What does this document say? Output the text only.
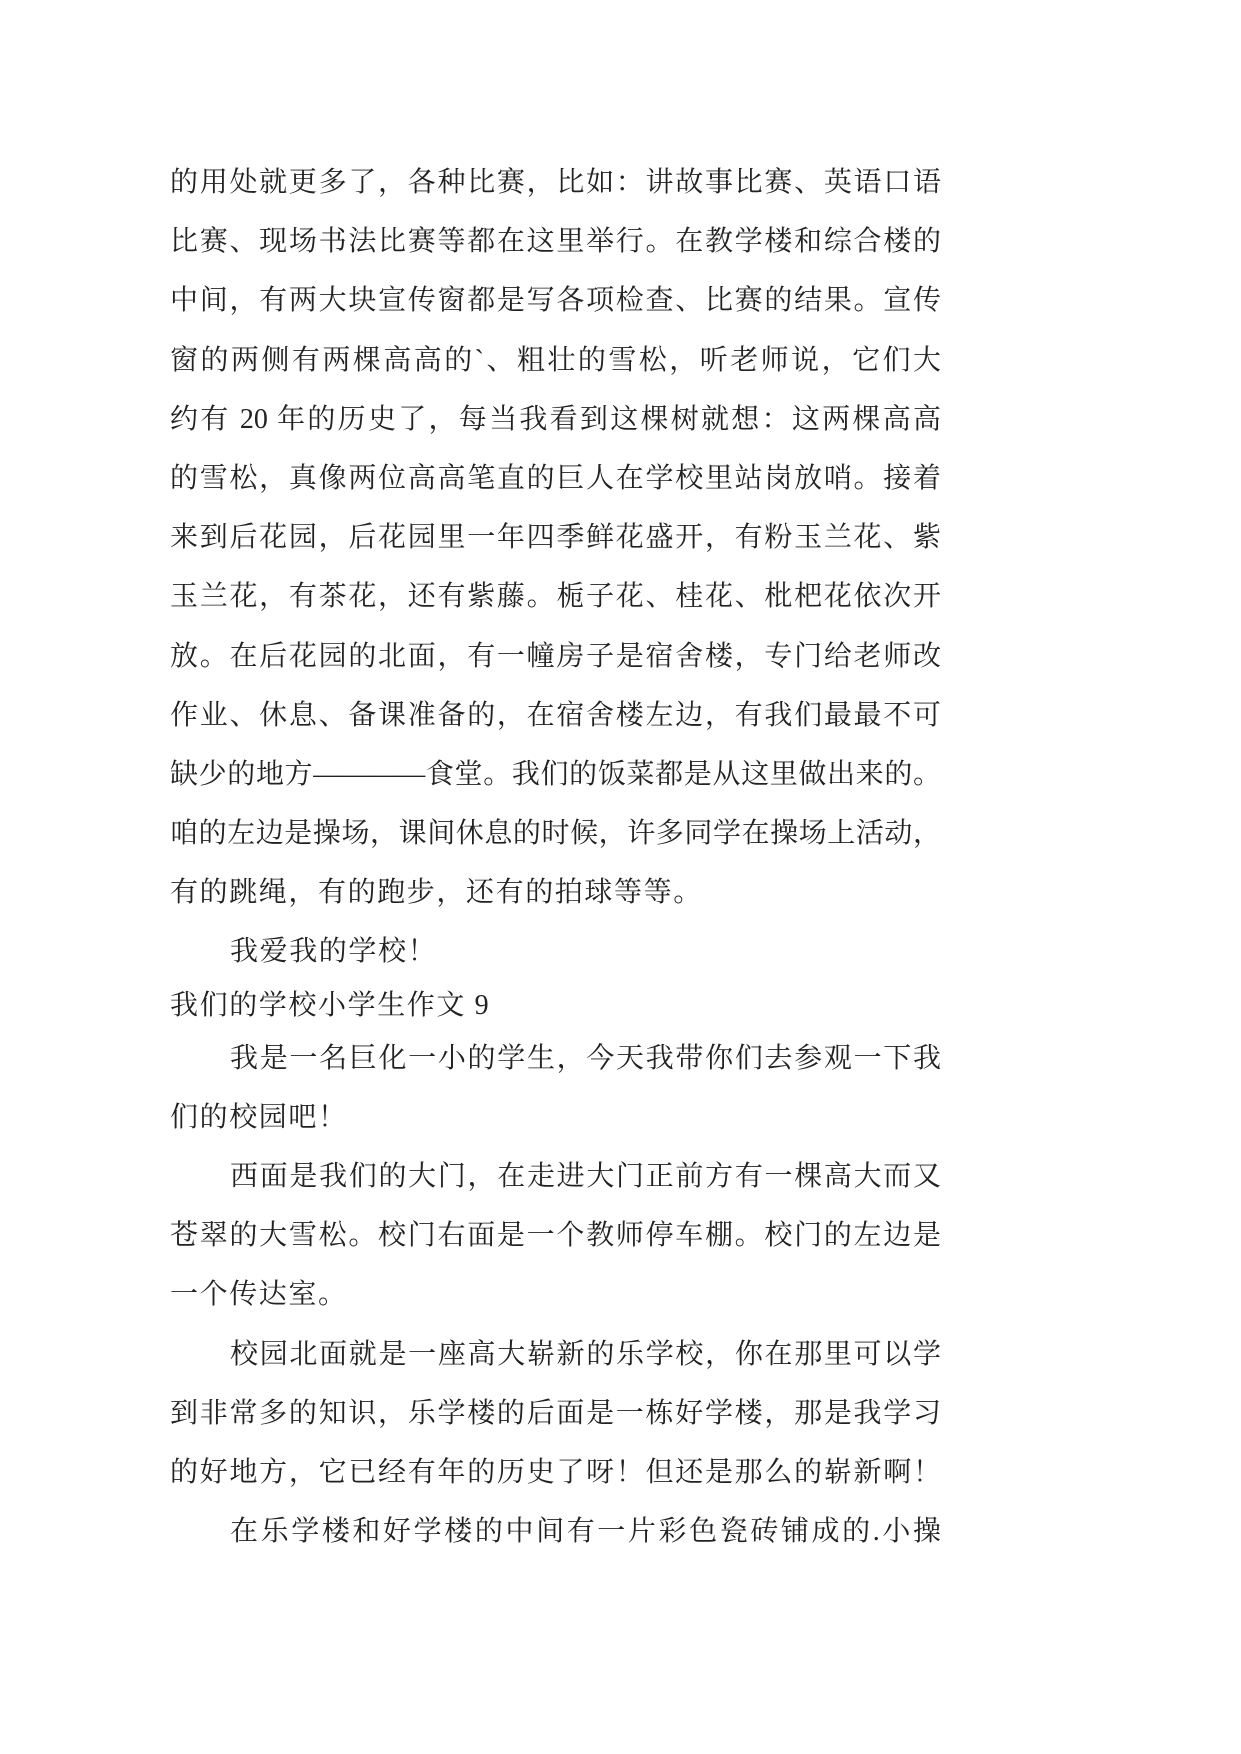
的用处就更多了，各种比赛，比如：讲故事比赛、英语口语
比赛、现场书法比赛等都在这里举行。在教学楼和综合楼的
中间，有两大块宣传窗都是写各项检查、比赛的结果。宣传
窗的两侧有两棵高高的`、粗壮的雪松，听老师说，它们大
约有 20 年的历史了，每当我看到这棵树就想：这两棵高高
的雪松，真像两位高高笔直的巨人在学校里站岗放哨。接着
来到后花园，后花园里一年四季鲜花盛开，有粉玉兰花、紫
玉兰花，有茶花，还有紫藤。栀子花、桂花、枇杷花依次开
放。在后花园的北面，有一幢房子是宿舍楼，专门给老师改
作业、休息、备课准备的，在宿舍楼左边，有我们最最不可
缺少的地方————食堂。我们的饭菜都是从这里做出来的。
咱的左边是操场，课间休息的时候，许多同学在操场上活动，
有的跳绳，有的跑步，还有的拍球等等。
我爱我的学校！
我们的学校小学生作文 9
我是一名巨化一小的学生，今天我带你们去参观一下我
们的校园吧！
西面是我们的大门，在走进大门正前方有一棵高大而又
苍翠的大雪松。校门右面是一个教师停车棚。校门的左边是
一个传达室。
校园北面就是一座高大崭新的乐学校，你在那里可以学
到非常多的知识，乐学楼的后面是一栋好学楼，那是我学习
的好地方，它已经有年的历史了呀！但还是那么的崭新啊！
在乐学楼和好学楼的中间有一片彩色瓷砖铺成的.小操
